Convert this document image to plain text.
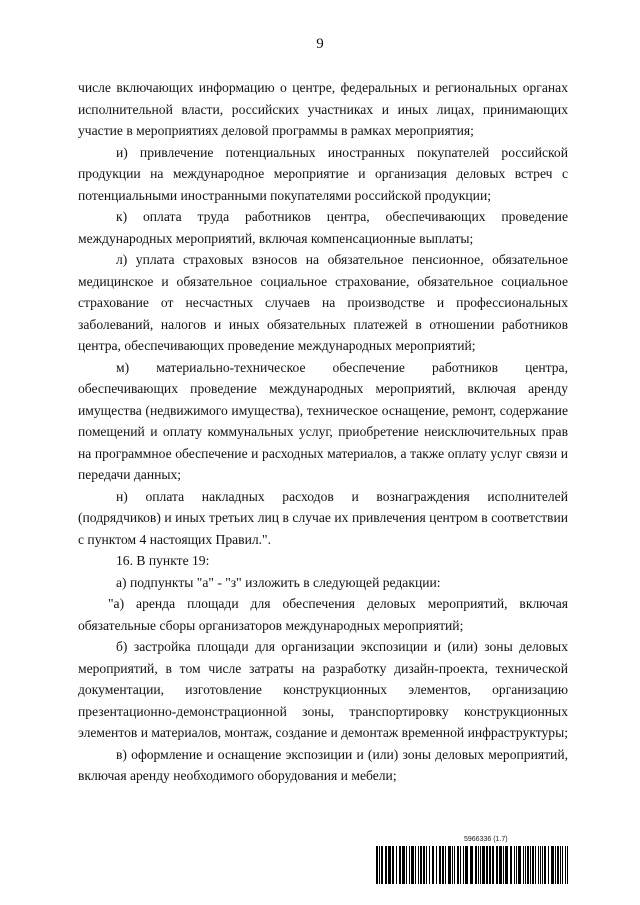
9

числе включающих информацию о центре, федеральных и региональных органах исполнительной власти, российских участниках и иных лицах, принимающих участие в мероприятиях деловой программы в рамках мероприятия;

и) привлечение потенциальных иностранных покупателей российской продукции на международное мероприятие и организация деловых встреч с потенциальными иностранными покупателями российской продукции;

к) оплата труда работников центра, обеспечивающих проведение международных мероприятий, включая компенсационные выплаты;

л) уплата страховых взносов на обязательное пенсионное, обязательное медицинское и обязательное социальное страхование, обязательное социальное страхование от несчастных случаев на производстве и профессиональных заболеваний, налогов и иных обязательных платежей в отношении работников центра, обеспечивающих проведение международных мероприятий;

м) материально-техническое обеспечение работников центра, обеспечивающих проведение международных мероприятий, включая аренду имущества (недвижимого имущества), техническое оснащение, ремонт, содержание помещений и оплату коммунальных услуг, приобретение неисключительных прав на программное обеспечение и расходных материалов, а также оплату услуг связи и передачи данных;

н) оплата накладных расходов и вознаграждения исполнителей (подрядчиков) и иных третьих лиц в случае их привлечения центром в соответствии с пунктом 4 настоящих Правил.".

16. В пункте 19:

а) подпункты "а" - "з" изложить в следующей редакции:

"а) аренда площади для обеспечения деловых мероприятий, включая обязательные сборы организаторов международных мероприятий;

б) застройка площади для организации экспозиции и (или) зоны деловых мероприятий, в том числе затраты на разработку дизайн-проекта, технической документации, изготовление конструкционных элементов, организацию презентационно-демонстрационной зоны, транспортировку конструкционных элементов и материалов, монтаж, создание и демонтаж временной инфраструктуры;

в) оформление и оснащение экспозиции и (или) зоны деловых мероприятий, включая аренду необходимого оборудования и мебели;

5966336 (1.7)
